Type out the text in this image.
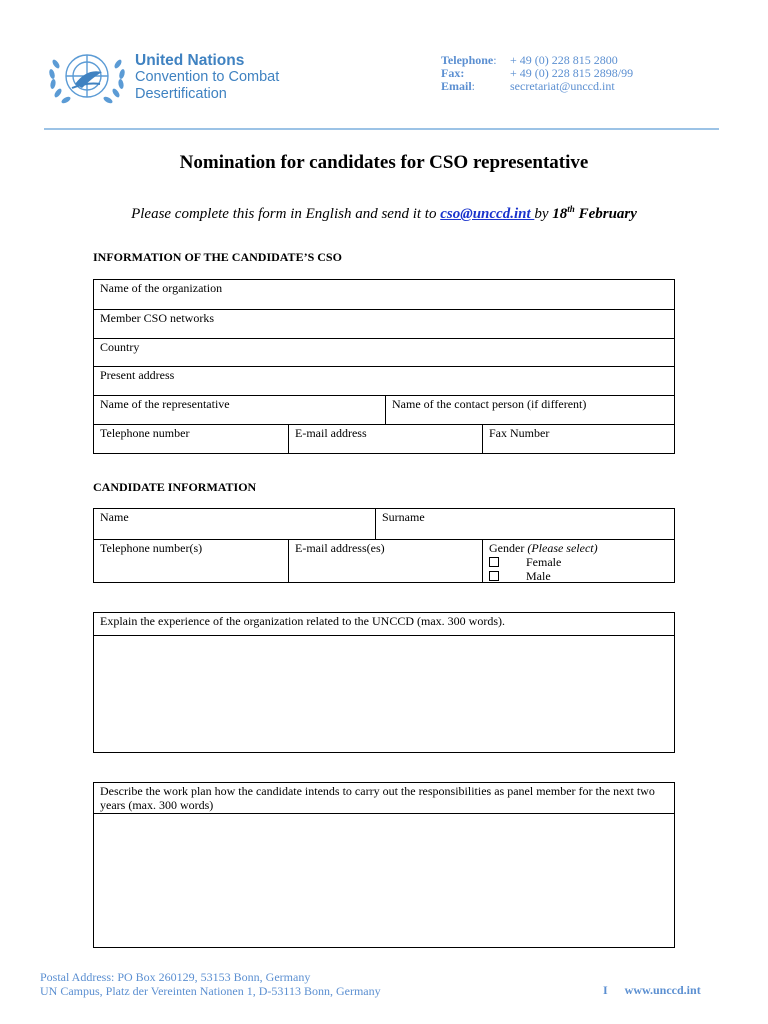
United Nations
Convention to Combat
Desertification
Telephone:	+ 49 (0) 228 815 2800
Fax:	+ 49 (0) 228 815 2898/99
Email:	secretariat@unccd.int
Nomination for candidates for CSO representative
Please complete this form in English and send it to cso@unccd.int by 18th February
INFORMATION OF THE CANDIDATE’S CSO
Name of the organization
Member CSO networks
Country
Present address
Name of the representative	Name of the contact person (if different)
Telephone number	E-mail address	Fax Number
CANDIDATE INFORMATION
Name	Surname
Telephone number(s)	E-mail address(es)	Gender (Please select)
Female
Male
Explain the experience of the organization related to the UNCCD (max. 300 words).
Describe the work plan how the candidate intends to carry out the responsibilities as panel member for the next two years (max. 300 words)
Postal Address: PO Box 260129, 53153 Bonn, Germany
UN Campus, Platz der Vereinten Nationen 1, D-53113 Bonn, Germany	I www.unccd.int
